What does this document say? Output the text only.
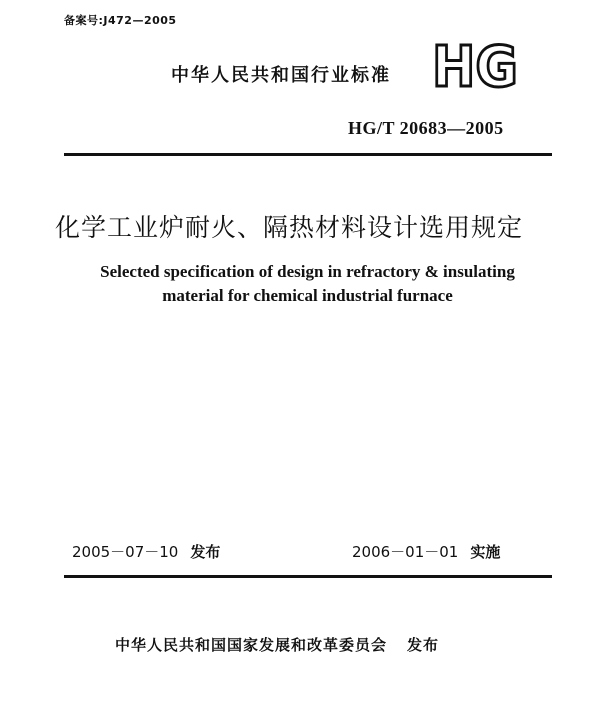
备案号:J472—2005
中华人民共和国行业标准 HG
HG/T 20683—2005
化学工业炉耐火、隔热材料设计选用规定
Selected specification of design in refractory & insulating
material for chemical industrial furnace
2005－07－10 发布	2006－01－01 实施
中华人民共和国国家发展和改革委员会 发布
